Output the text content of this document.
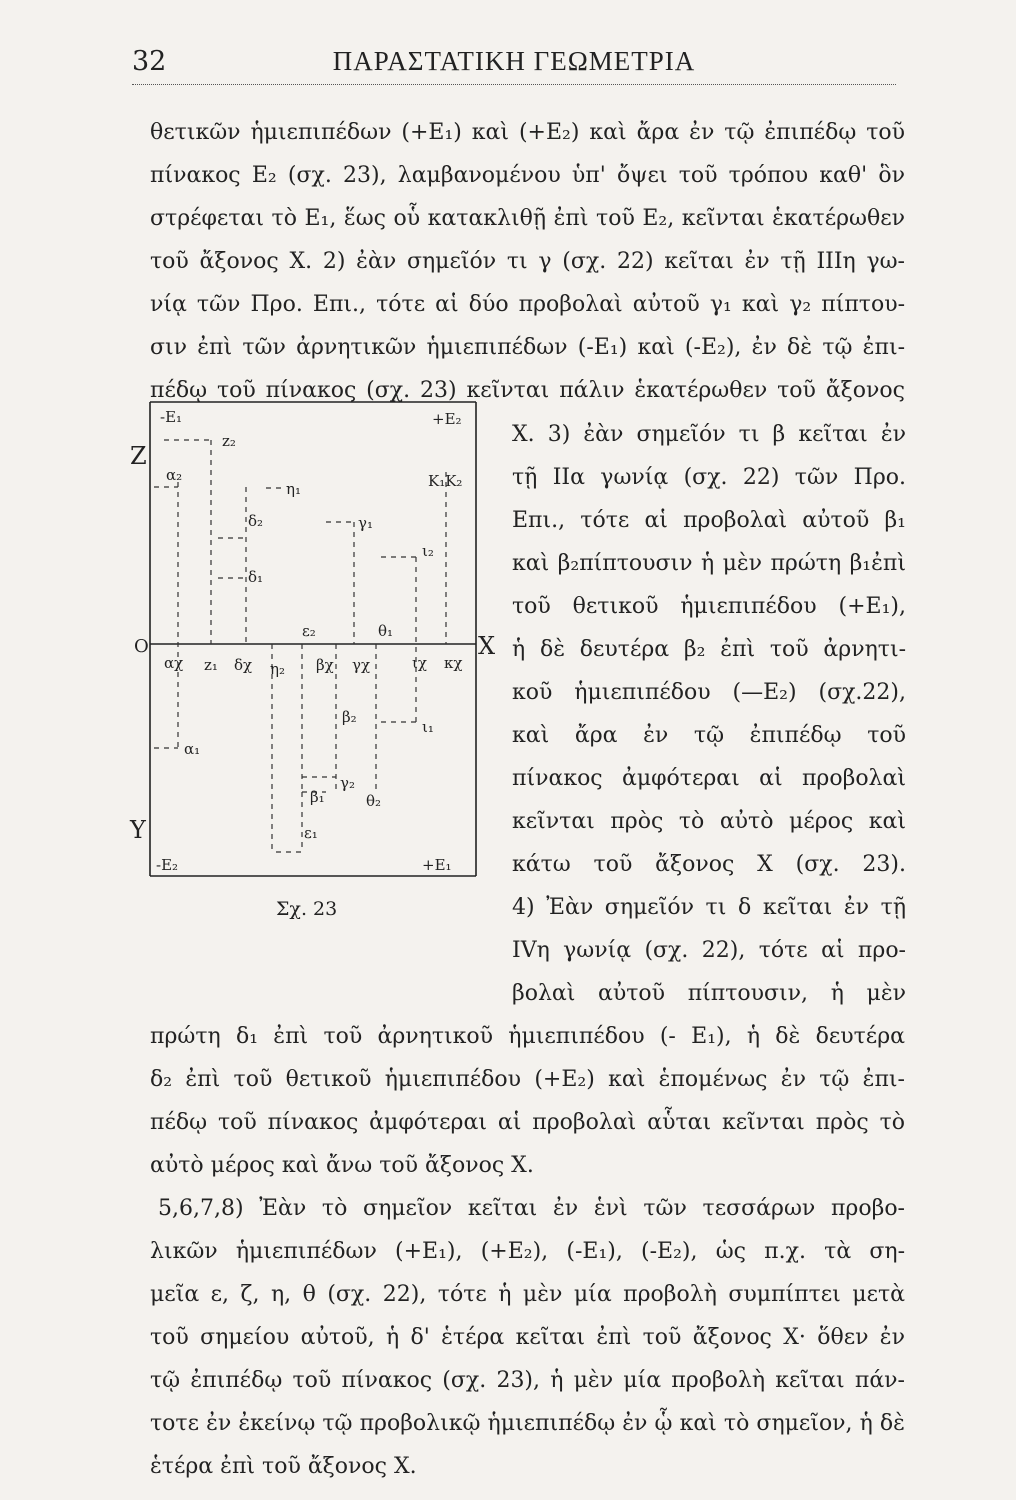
32	ΠΑΡΑΣΤΑΤΙΚΗ ΓΕΩΜΕΤΡΙΑ
θετικῶν ἡμιεπιπέδων (+Ε₁) καὶ (+Ε₂) καὶ ἄρα ἐν τῷ ἐπιπέδῳ τοῦ
πίνακος Ε₂ (σχ. 23), λαμβανομένου ὑπ' ὄψει τοῦ τρόπου καθ' ὃν
στρέφεται τὸ Ε₁, ἕως οὗ κατακλιθῇ ἐπὶ τοῦ Ε₂, κεῖνται ἑκατέρωθεν
τοῦ ἄξονος Χ. 2) ἐὰν σημεῖόν τι γ (σχ. 22) κεῖται ἐν τῇ ΙΙΙη γω-
νίᾳ τῶν Προ. Επι., τότε αἱ δύο προβολαὶ αὐτοῦ γ₁ καὶ γ₂ πίπτου-
σιν ἐπὶ τῶν ἀρνητικῶν ἡμιεπιπέδων (-Ε₁) καὶ (-Ε₂), ἐν δὲ τῷ ἐπι-
πέδῳ τοῦ πίνακος (σχ. 23) κεῖνται πάλιν ἑκατέρωθεν τοῦ ἄξονος
Χ. 3) ἐὰν σημεῖόν τι β κεῖται ἐν
τῇ ΙΙα γωνίᾳ (σχ. 22) τῶν Προ.
Επι., τότε αἱ προβολαὶ αὐτοῦ β₁
καὶ β₂πίπτουσιν ἡ μὲν πρώτη β₁ἐπὶ
τοῦ θετικοῦ ἡμιεπιπέδου (+Ε₁),
ἡ δὲ δευτέρα β₂ ἐπὶ τοῦ ἀρνητι-
κοῦ ἡμιεπιπέδου (—Ε₂) (σχ.22),
καὶ ἄρα ἐν τῷ ἐπιπέδῳ τοῦ
πίνακος ἀμφότεραι αἱ προβολαὶ
κεῖνται πρὸς τὸ αὐτὸ μέρος καὶ
κάτω τοῦ ἄξονος Χ (σχ. 23).
4) Ἐὰν σημεῖόν τι δ κεῖται ἐν τῇ
ΙVη γωνίᾳ (σχ. 22), τότε αἱ προ-
βολαὶ αὐτοῦ πίπτουσιν, ἡ μὲν
Σχ. 23
πρώτη δ₁ ἐπὶ τοῦ ἀρνητικοῦ ἡμιεπιπέδου (- Ε₁), ἡ δὲ δευτέρα
δ₂ ἐπὶ τοῦ θετικοῦ ἡμιεπιπέδου (+Ε₂) καὶ ἑπομένως ἐν τῷ ἐπι-
πέδῳ τοῦ πίνακος ἀμφότεραι αἱ προβολαὶ αὗται κεῖνται πρὸς τὸ
αὐτὸ μέρος καὶ ἄνω τοῦ ἄξονος Χ.
5,6,7,8) Ἐὰν τὸ σημεῖον κεῖται ἐν ἑνὶ τῶν τεσσάρων προβο-
λικῶν ἡμιεπιπέδων (+Ε₁), (+Ε₂), (-Ε₁), (-Ε₂), ὡς π.χ. τὰ ση-
μεῖα ε, ζ, η, θ (σχ. 22), τότε ἡ μὲν μία προβολὴ συμπίπτει μετὰ
τοῦ σημείου αὐτοῦ, ἡ δ' ἑτέρα κεῖται ἐπὶ τοῦ ἄξονος Χ· ὅθεν ἐν
τῷ ἐπιπέδῳ τοῦ πίνακος (σχ. 23), ἡ μὲν μία προβολὴ κεῖται πάν-
τοτε ἐν ἐκείνῳ τῷ προβολικῷ ἡμιεπιπέδῳ ἐν ᾧ καὶ τὸ σημεῖον, ἡ δὲ
ἑτέρα ἐπὶ τοῦ ἄξονος Χ.
Z
O
Y
X
-E₁	+E₂
-E₂	+E₁
z₂
α₂
η₁	K₁K₂
δ₂	γ₁
ι₂
δ₁
ε₂	θ₁
αχ z₁ δχ η₂ βχ γχ	ιχ κχ
β₂
ι₁
α₁
γ₂
β₁	θ₂
ε₁
